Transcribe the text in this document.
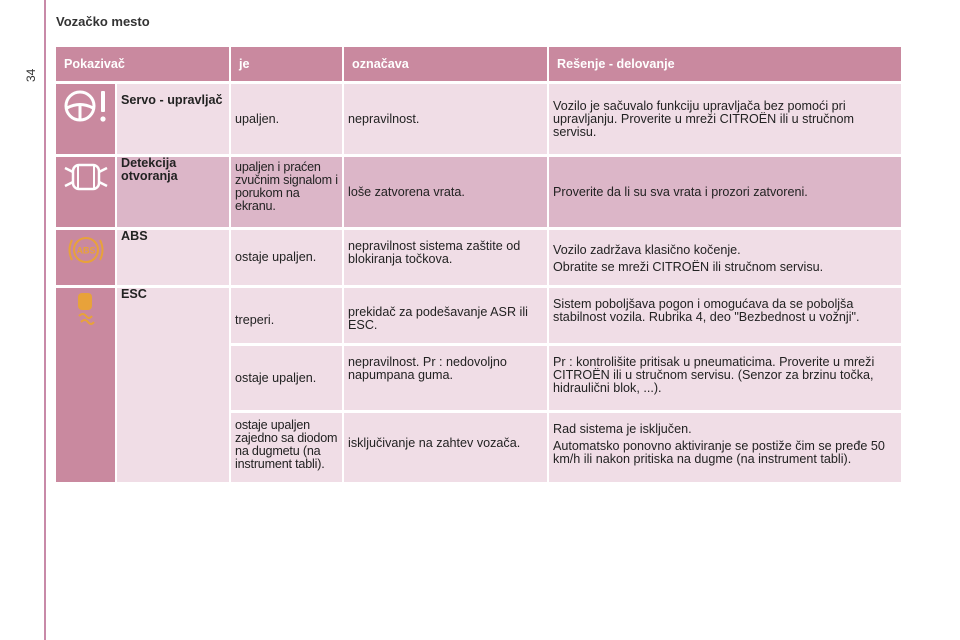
34
Vozačko mesto
Pokazivač		je	označava	Rešenje - delovanje

	Servo - upravljač	upaljen.	nepravilnost.	Vozilo je sačuvalo funkciju upravljača bez pomoći pri upravljanju. Proverite u mreži CITROËN ili u stručnom servisu.

	Detekcija otvoranja	upaljen i praćen zvučnim signalom i porukom na ekranu.	loše zatvorena vrata.	Proverite da li su sva vrata i prozori zatvoreni.

ABS	ABS	ostaje upaljen.	nepravilnost sistema zaštite od blokiranja točkova.	Vozilo zadržava klasično kočenje.

Obratite se mreži CITROËN ili stručnom servisu.

	ESC	treperi.	prekidač za podešavanje ASR ili ESC.	Sistem poboljšava pogon i omogućava da se poboljša stabilnost vozila. Rubrika 4, deo "Bezbednost u vožnji".
		ostaje upaljen.	nepravilnost. Pr : nedovoljno napumpana guma.	Pr : kontrolišite pritisak u pneumaticima. Proverite u mreži CITROËN ili u stručnom servisu. (Senzor za brzinu točka, hidraulični blok, ...).
		ostaje upaljen zajedno sa diodom na dugmetu (na instrument tabli).	isključivanje na zahtev vozača.	Rad sistema je isključen.

Automatsko ponovno aktiviranje se postiže čim se pređe 50 km/h ili nakon pritiska na dugme (na instrument tabli).
